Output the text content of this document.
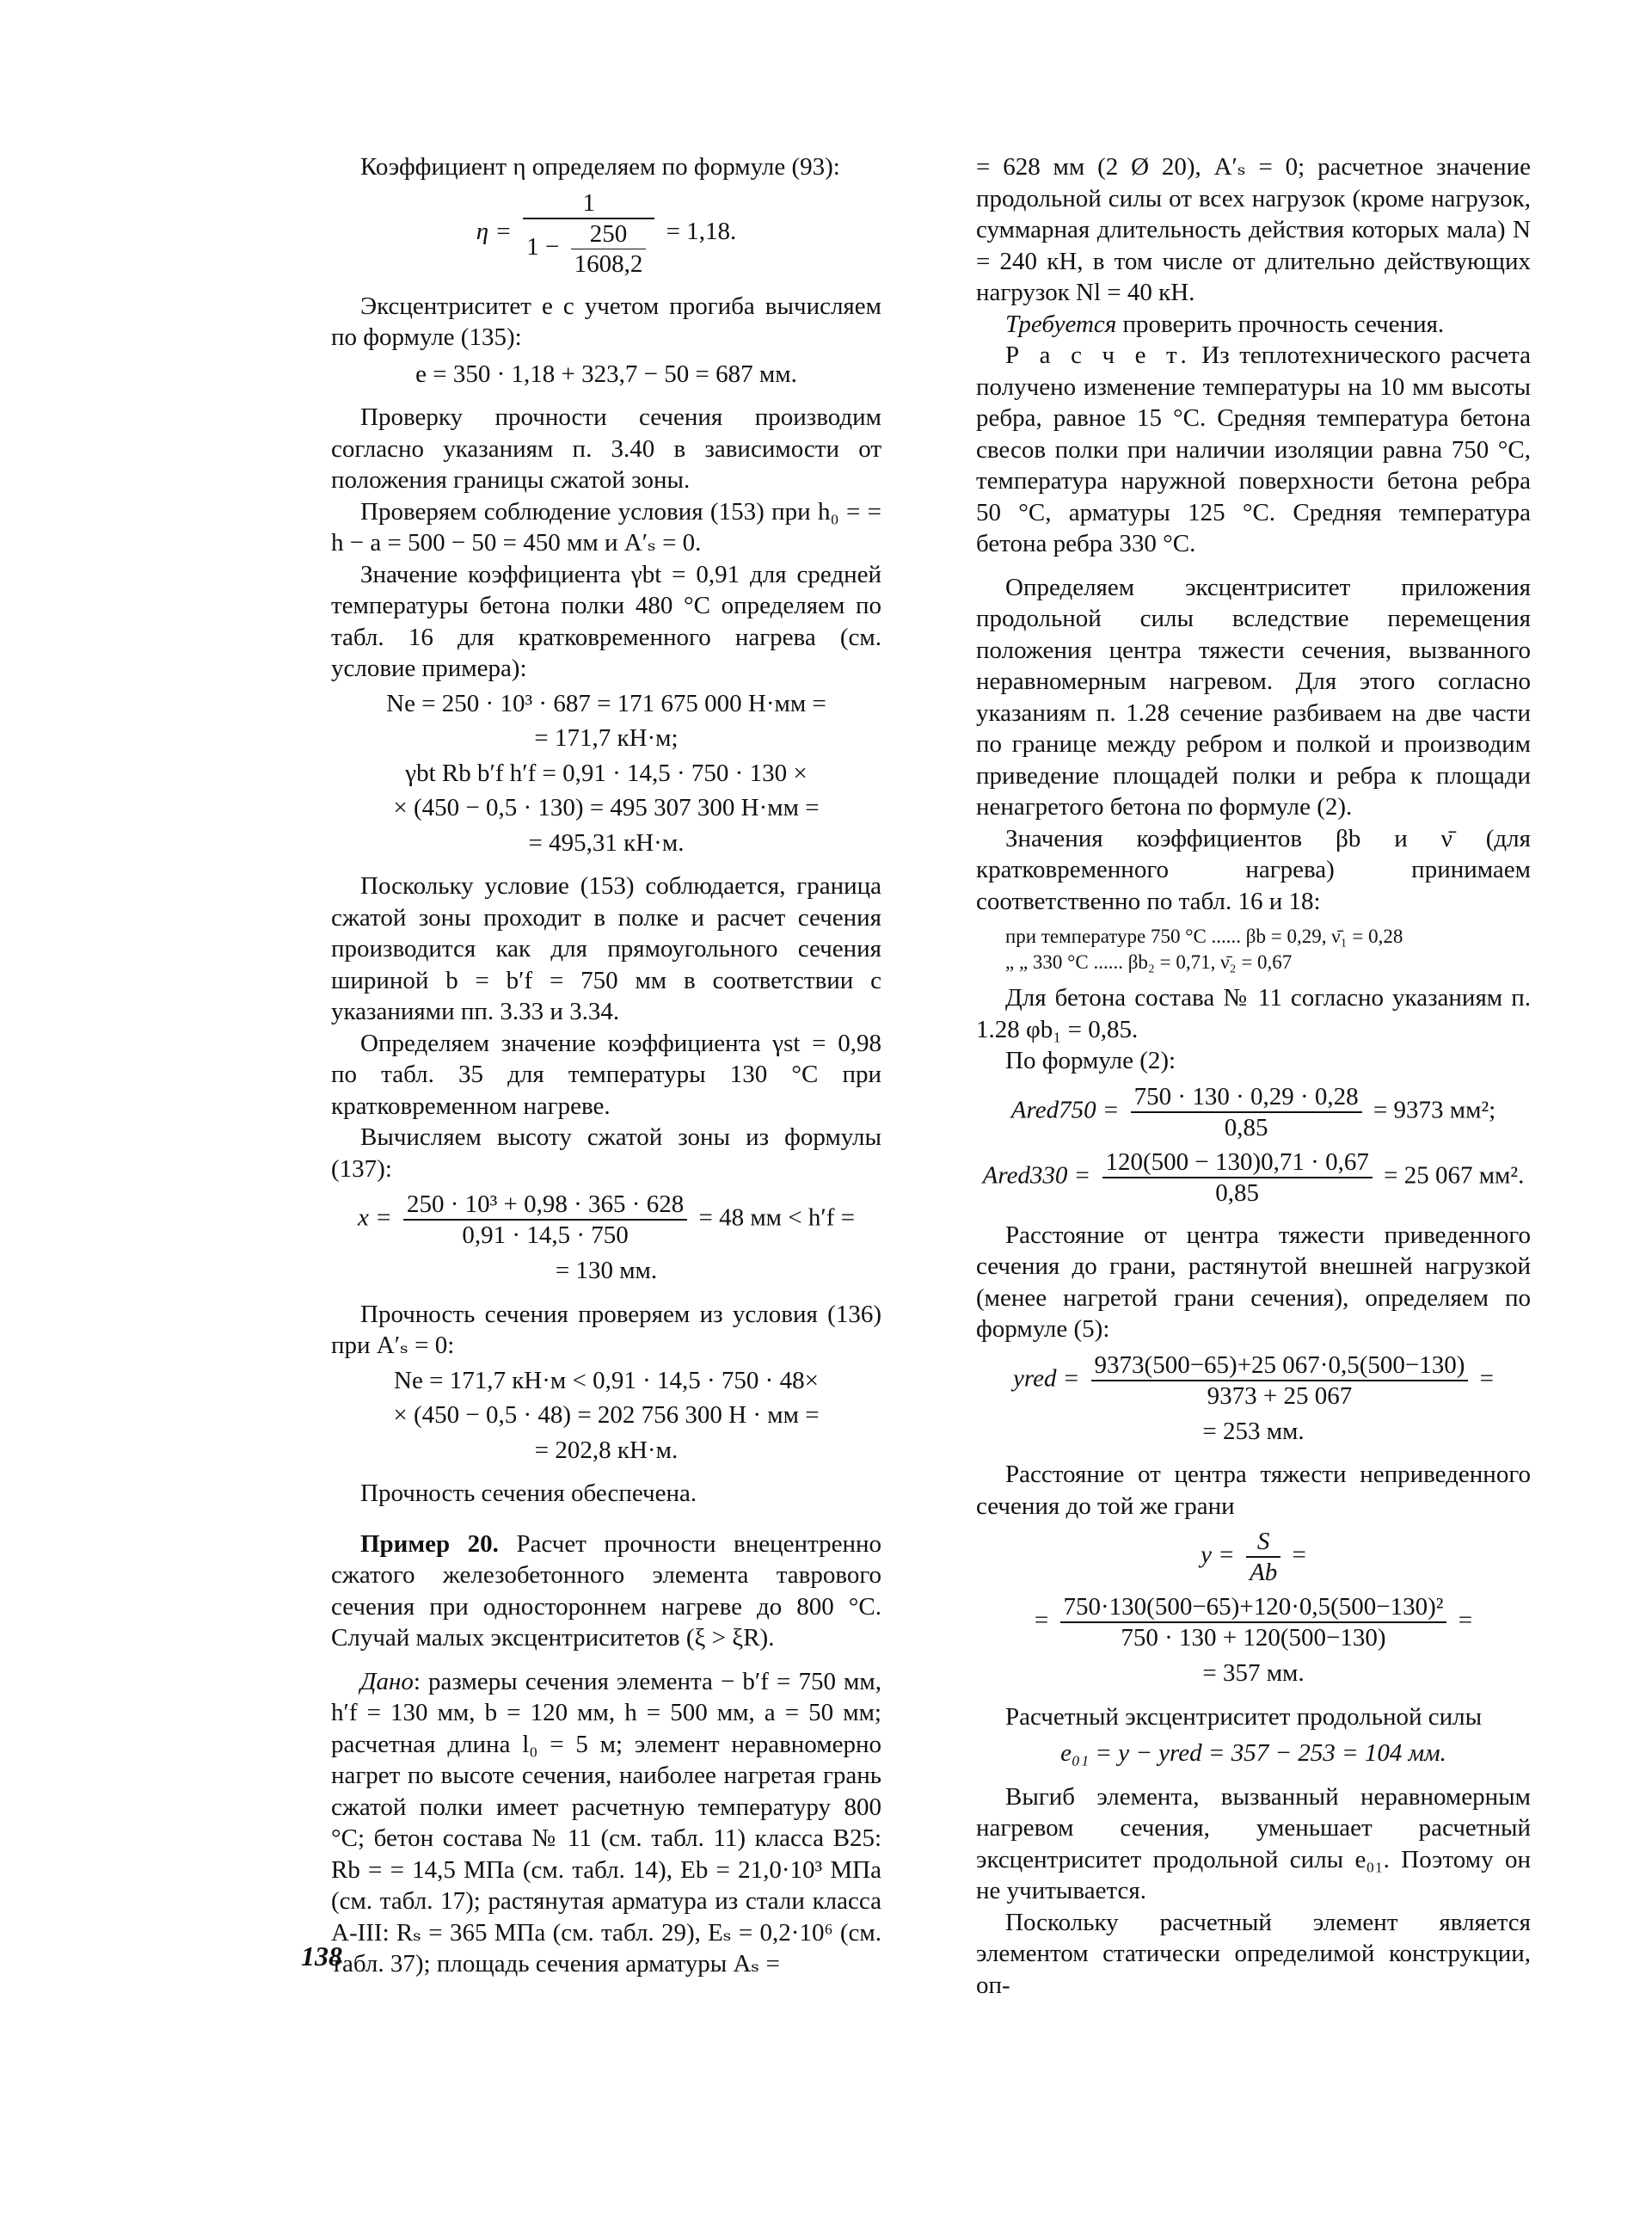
Коэффициент η определяем по формуле (93):

$\eta = \frac{1}{1 - \frac{250}{1608,2}} = 1,18$.

Эксцентриситет e с учетом прогиба вычисляем по формуле (135):

e = 350 · 1,18 + 323,7 − 50 = 687 мм.

Проверку прочности сечения производим согласно указаниям п. 3.40 в зависимости от положения границы сжатой зоны.

Проверяем соблюдение условия (153) при h₀ = = h − a = 500 − 50 = 450 мм и A′ₛ = 0.

Значение коэффициента γbt = 0,91 для средней температуры бетона полки 480 °C определяем по табл. 16 для кратковременного нагрева (см. условие примера):

Ne = 250 · 10³ · 687 = 171 675 000 Н·мм =
= 171,7 кН·м;
γbt Rb b′f h′f = 0,91 · 14,5 · 750 · 130 ×
× (450 − 0,5 · 130) = 495 307 300 Н·мм =
= 495,31 кН·м.

Поскольку условие (153) соблюдается, граница сжатой зоны проходит в полке и расчет сечения производится как для прямоугольного сечения шириной b = b′f = 750 мм в соответствии с указаниями пп. 3.33 и 3.34.

Определяем значение коэффициента γst = 0,98 по табл. 35 для температуры 130 °C при кратковременном нагреве.

Вычисляем высоту сжатой зоны из формулы (137):

$x = \frac{\text{250 · 10³ + 0,98 · 365 · 628}}{0,91 \cdot 14,5 \cdot 750} = 48$ мм < h′f =
= 130 мм.

Прочность сечения проверяем из условия (136) при A′ₛ = 0:

Ne = 171,7 кН·м < 0,91 · 14,5 · 750 · 48×
× (450 − 0,5 · 48) = 202 756 300 Н · мм =
= 202,8 кН·м.

Прочность сечения обеспечена.

Пример 20. Расчет прочности внецентренно сжатого железобетонного элемента таврового сечения при одностороннем нагреве до 800 °C. Случай малых эксцентриситетов (ξ > ξR).

Дано: размеры сечения элемента − b′f = 750 мм, h′f = 130 мм, b = 120 мм, h = 500 мм, a = 50 мм; расчетная длина l₀ = 5 м; элемент неравномерно нагрет по высоте сечения, наиболее нагретая грань сжатой полки имеет расчетную температуру 800 °C; бетон состава № 11 (см. табл. 11) класса B25: Rb = = 14,5 МПа (см. табл. 14), Eb = 21,0·10³ МПа (см. табл. 17); растянутая арматура из стали класса A-III: Rₛ = 365 МПа (см. табл. 29), Eₛ = 0,2·10⁶ (см. табл. 37); площадь сечения арматуры Aₛ =

= 628 мм (2 Ø 20), A′ₛ = 0; расчетное значение продольной силы от всех нагрузок (кроме нагрузок, суммарная длительность действия которых мала) N = 240 кН, в том числе от длительно действующих нагрузок Nl = 40 кН.

Требуется проверить прочность сечения.

Р а с ч е т. Из теплотехнического расчета получено изменение температуры на 10 мм высоты ребра, равное 15 °C. Средняя температура бетона свесов полки при наличии изоляции равна 750 °C, температура наружной поверхности бетона ребра 50 °C, арматуры 125 °C. Средняя температура бетона ребра 330 °C.

Определяем эксцентриситет приложения продольной силы вследствие перемещения положения центра тяжести сечения, вызванного неравномерным нагревом. Для этого согласно указаниям п. 1.28 сечение разбиваем на две части по границе между ребром и полкой и производим приведение площадей полки и ребра к площади ненагретого бетона по формуле (2).

Значения коэффициентов βb и ν̄ (для кратковременного нагрева) принимаем соответственно по табл. 16 и 18:

при температуре 750 °C ...... βb = 0,29, ν̄₁ = 0,28
„ „ 330 °C ...... βb₂ = 0,71, ν̄₂ = 0,67

Для бетона состава № 11 согласно указаниям п. 1.28 φb₁ = 0,85.

По формуле (2):

Ared750 = $\frac{750 \cdot 130 \cdot 0,29 \cdot 0,28}{0,85} = 9373$ мм²;
Ared330 = $\frac{120(500 - 130)0,71 \cdot 0,67}{0,85} = 25$ 067 мм².

Расстояние от центра тяжести приведенного сечения до грани, растянутой внешней нагрузкой (менее нагретой грани сечения), определяем по формуле (5):

yred = $\frac{9373(500-65)+25 067\cdot 0,5(500-130)}{9373 + 25 067}$ =
= 253 мм.

Расстояние от центра тяжести неприведенного сечения до той же грани

$y = \frac{S}{Ab}$ =
= $\frac{\text{750·130(500−65)+120·0,5(500−130)²}}{750 \cdot 130 + 120(500-130)}$ =
= 357 мм.

Расчетный эксцентриситет продольной силы

e₀₁ = y − yred = 357 − 253 = 104 мм.

Выгиб элемента, вызванный неравномерным нагревом сечения, уменьшает расчетный эксцентриситет продольной силы e₀₁. Поэтому он не учитывается.

Поскольку расчетный элемент является элементом статически определимой конструкции, оп-

138
